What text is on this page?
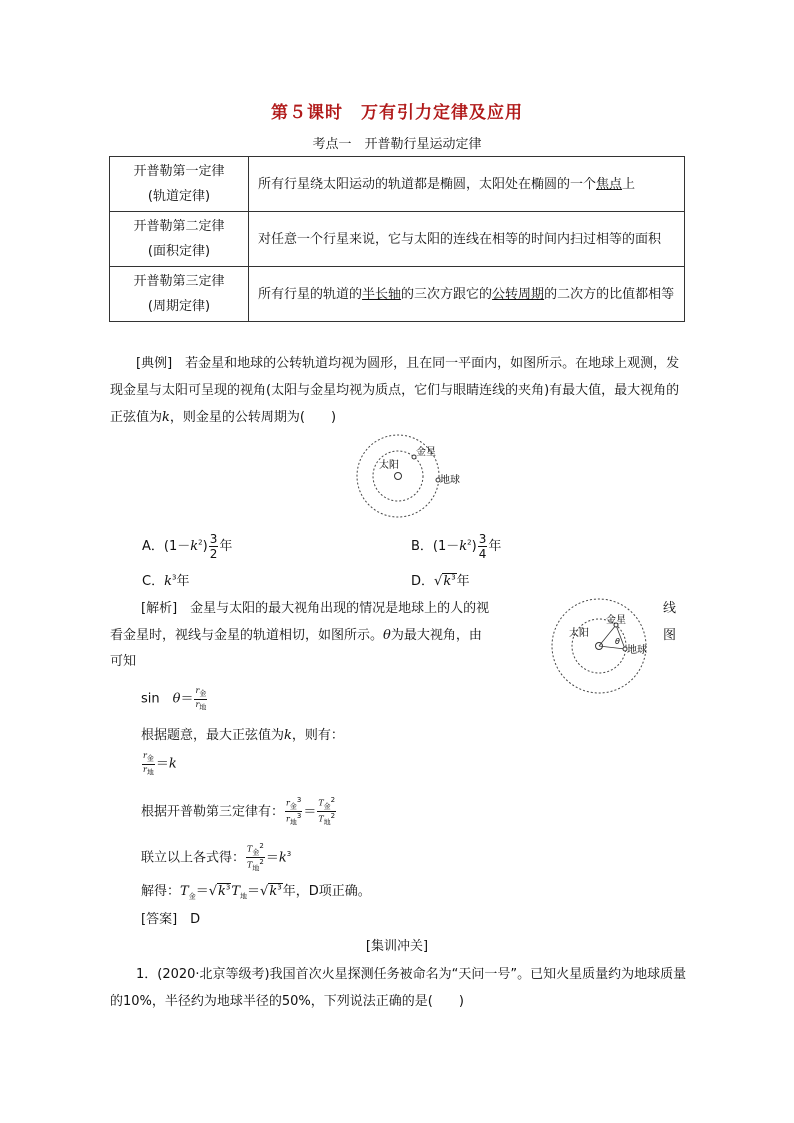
第５课时　万有引力定律及应用
考点一　开普勒行星运动定律
开普勒第一定律
(轨道定律)	所有行星绕太阳运动的轨道都是椭圆，太阳处在椭圆的一个焦点上

开普勒第二定律
(面积定律)	对任意一个行星来说，它与太阳的连线在相等的时间内扫过相等的面积

开普勒第三定律
(周期定律)	所有行星的轨道的半长轴的三次方跟它的公转周期的二次方的比值都相等
[典例]　 若金星和地球的公转轨道均视为圆形，且在同一平面内，如图所示。在地球上观测，发现金星与太阳可呈现的视角(太阳与金星均视为质点，它们与眼睛连线的夹角)有最大值，最大视角的正弦值为k，则金星的公转周期为(　　)
太阳
金星
地球
A．$(1-k^2) \frac{3}{2}$ 年	B．$(1-k^2) \frac{3}{4}$ 年
C．$k^3$年	D．$√k^3$年
[解析]　 金星与太阳的最大视角出现的情况是地球上的人的视	线
看金星时，视线与金星的轨道相切，如图所示。θ为最大视角，由	图
可知
太阳
金星
地球
θ
sin　 $\theta= \frac{r_金}{r_地}$
根据题意，最大正弦值为k，则有：
$\frac{r_金}{r_地} =k$
根据开普勒第三定律有： $\frac{r_金^3}{r_地^3} = \frac{T_金^2}{T_地^2}$
联立以上各式得： $\frac{T_金^2}{T_地^2} =k^3$
解得：$T_金=√k^3T_地=√k^3$年，D项正确。
[答案]　 D
[集训冲关]
1．(2020·北京等级考)我国首次火星探测任务被命名为“天问一号”。已知火星质量约为地球质量的10%，半径约为地球半径的50%，下列说法正确的是(　　)
